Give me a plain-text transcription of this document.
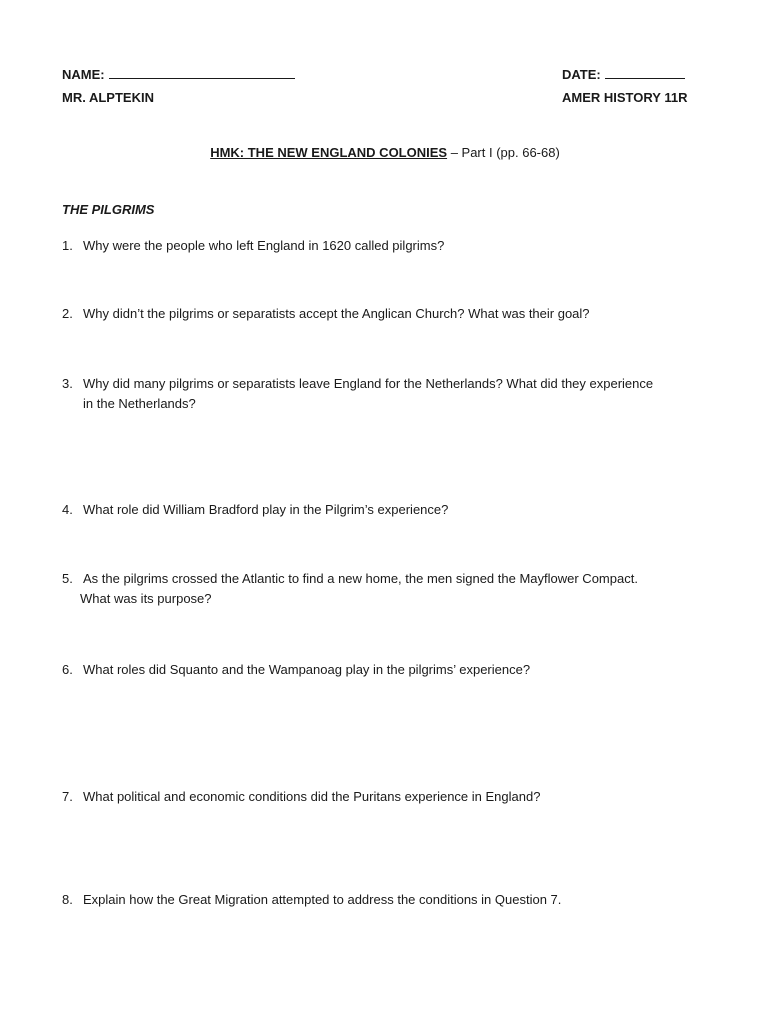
NAME:
MR. ALPTEKIN
DATE:
AMER HISTORY 11R
HMK: THE NEW ENGLAND COLONIES – Part I (pp. 66-68)
THE PILGRIMS
1. Why were the people who left England in 1620 called pilgrims?
2. Why didn’t the pilgrims or separatists accept the Anglican Church? What was their goal?
3. Why did many pilgrims or separatists leave England for the Netherlands? What did they experience
in the Netherlands?
4. What role did William Bradford play in the Pilgrim’s experience?
5. As the pilgrims crossed the Atlantic to find a new home, the men signed the Mayflower Compact.
What was its purpose?
6. What roles did Squanto and the Wampanoag play in the pilgrims’ experience?
7. What political and economic conditions did the Puritans experience in England?
8. Explain how the Great Migration attempted to address the conditions in Question 7.
